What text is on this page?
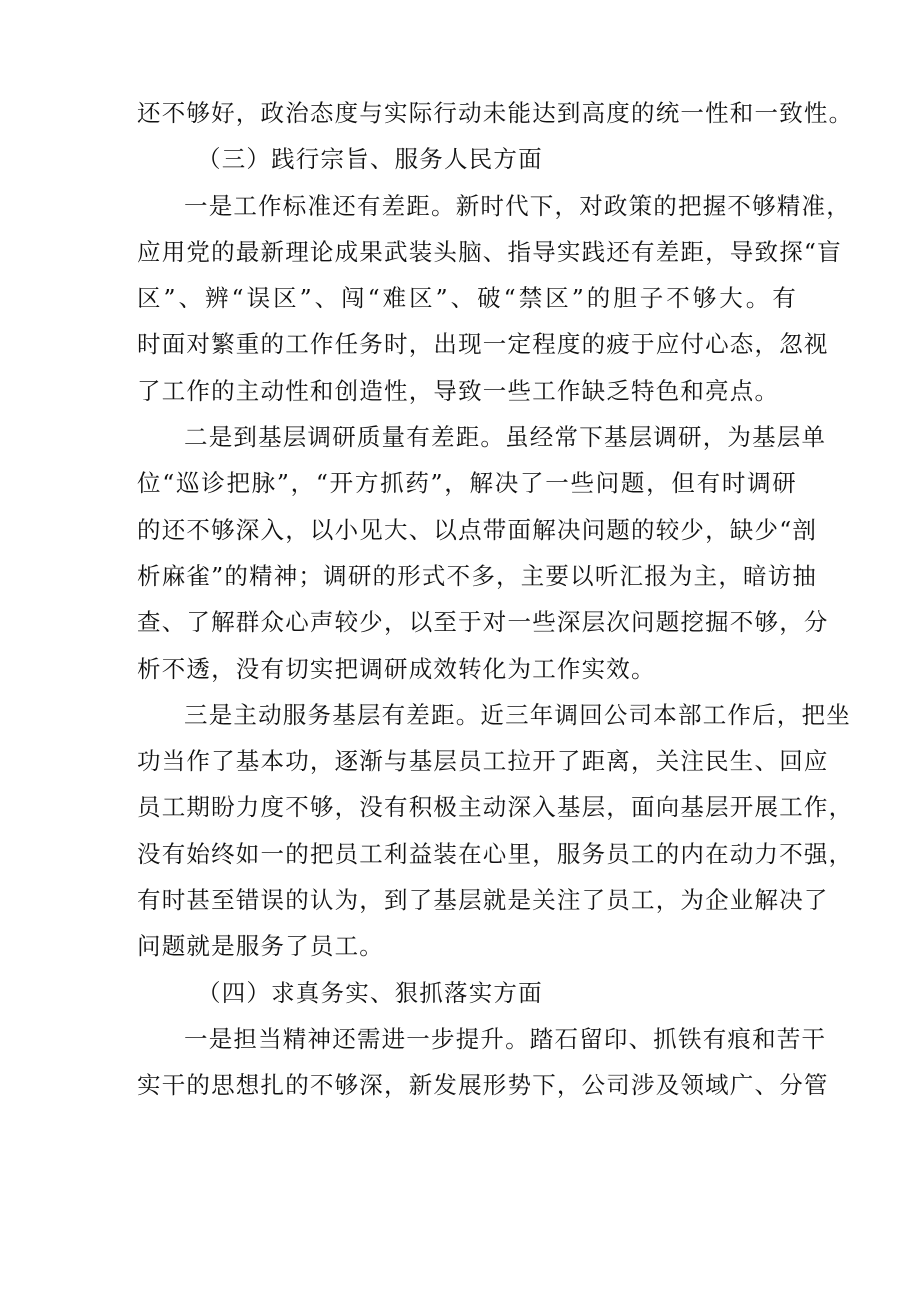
还不够好，政治态度与实际行动未能达到高度的统一性和一致性。
（三）践行宗旨、服务人民方面
一是工作标准还有差距。新时代下，对政策的把握不够精准，
应用党的最新理论成果武装头脑、指导实践还有差距，导致探“盲
区”、辨“误区”、闯“难区”、破“禁区”的胆子不够大。有
时面对繁重的工作任务时，出现一定程度的疲于应付心态，忽视
了工作的主动性和创造性，导致一些工作缺乏特色和亮点。
二是到基层调研质量有差距。虽经常下基层调研，为基层单
位“巡诊把脉”，“开方抓药”，解决了一些问题，但有时调研
的还不够深入，以小见大、以点带面解决问题的较少，缺少“剖
析麻雀”的精神；调研的形式不多，主要以听汇报为主，暗访抽
查、了解群众心声较少，以至于对一些深层次问题挖掘不够，分
析不透，没有切实把调研成效转化为工作实效。
三是主动服务基层有差距。近三年调回公司本部工作后，把坐
功当作了基本功，逐渐与基层员工拉开了距离，关注民生、回应
员工期盼力度不够，没有积极主动深入基层，面向基层开展工作，
没有始终如一的把员工利益装在心里，服务员工的内在动力不强，
有时甚至错误的认为，到了基层就是关注了员工，为企业解决了
问题就是服务了员工。
（四）求真务实、狠抓落实方面
一是担当精神还需进一步提升。踏石留印、抓铁有痕和苦干
实干的思想扎的不够深，新发展形势下，公司涉及领域广、分管
